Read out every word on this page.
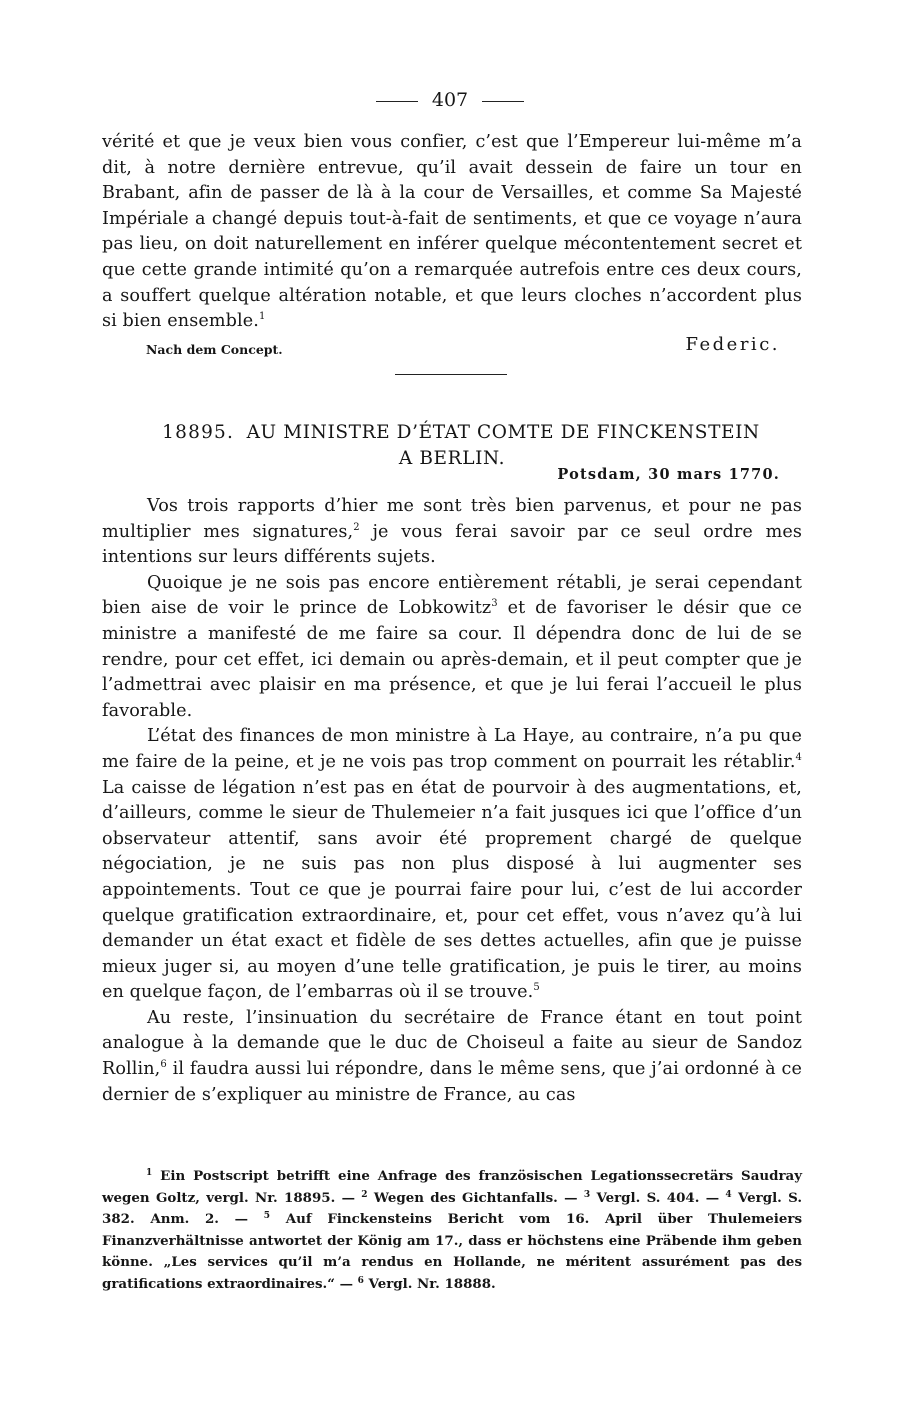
407

vérité et que je veux bien vous confier, c’est que l’Empereur lui-même m’a dit, à notre dernière entrevue, qu’il avait dessein de faire un tour en Brabant, afin de passer de là à la cour de Versailles, et comme Sa Majesté Impériale a changé depuis tout-à-fait de sentiments, et que ce voyage n’aura pas lieu, on doit naturellement en inférer quelque mécontentement secret et que cette grande intimité qu’on a remarquée autrefois entre ces deux cours, a souffert quelque altération notable, et que leurs cloches n’accordent plus si bien ensemble.$^1$

Nach dem Concept.	Federic.
18895. AU MINISTRE D’ÉTAT COMTE DE FINCKENSTEIN
A BERLIN.
Potsdam, 30 mars 1770.

Vos trois rapports d’hier me sont très bien parvenus, et pour ne pas multiplier mes signatures,$^2$ je vous ferai savoir par ce seul ordre mes intentions sur leurs différents sujets.

Quoique je ne sois pas encore entièrement rétabli, je serai cependant bien aise de voir le prince de Lobkowitz$^3$ et de favoriser le désir que ce ministre a manifesté de me faire sa cour. Il dépendra donc de lui de se rendre, pour cet effet, ici demain ou après-demain, et il peut compter que je l’admettrai avec plaisir en ma présence, et que je lui ferai l’accueil le plus favorable.

L’état des finances de mon ministre à La Haye, au contraire, n’a pu que me faire de la peine, et je ne vois pas trop comment on pourrait les rétablir.$^4$ La caisse de légation n’est pas en état de pourvoir à des augmentations, et, d’ailleurs, comme le sieur de Thulemeier n’a fait jusques ici que l’office d’un observateur attentif, sans avoir été proprement chargé de quelque négociation, je ne suis pas non plus disposé à lui augmenter ses appointements. Tout ce que je pourrai faire pour lui, c’est de lui accorder quelque gratification extraordinaire, et, pour cet effet, vous n’avez qu’à lui demander un état exact et fidèle de ses dettes actuelles, afin que je puisse mieux juger si, au moyen d’une telle gratification, je puis le tirer, au moins en quelque façon, de l’embarras où il se trouve.$^5$

Au reste, l’insinuation du secrétaire de France étant en tout point analogue à la demande que le duc de Choiseul a faite au sieur de Sandoz Rollin,$^6$ il faudra aussi lui répondre, dans le même sens, que j’ai ordonné à ce dernier de s’expliquer au ministre de France, au cas

$^1$ Ein Postscript betrifft eine Anfrage des französischen Legationssecretärs Saudray wegen Goltz, vergl. Nr. 18895. — $^2$ Wegen des Gichtanfalls. — $^3$ Vergl. S. 404. — $^4$ Vergl. S. 382. Anm. 2. — $^5$ Auf Finckensteins Bericht vom 16. April über Thulemeiers Finanzverhältnisse antwortet der König am 17., dass er höchstens eine Präbende ihm geben könne. „Les services qu’il m’a rendus en Hollande, ne méritent assurément pas des gratifications extraordinaires.“ — $^6$ Vergl. Nr. 18888.
